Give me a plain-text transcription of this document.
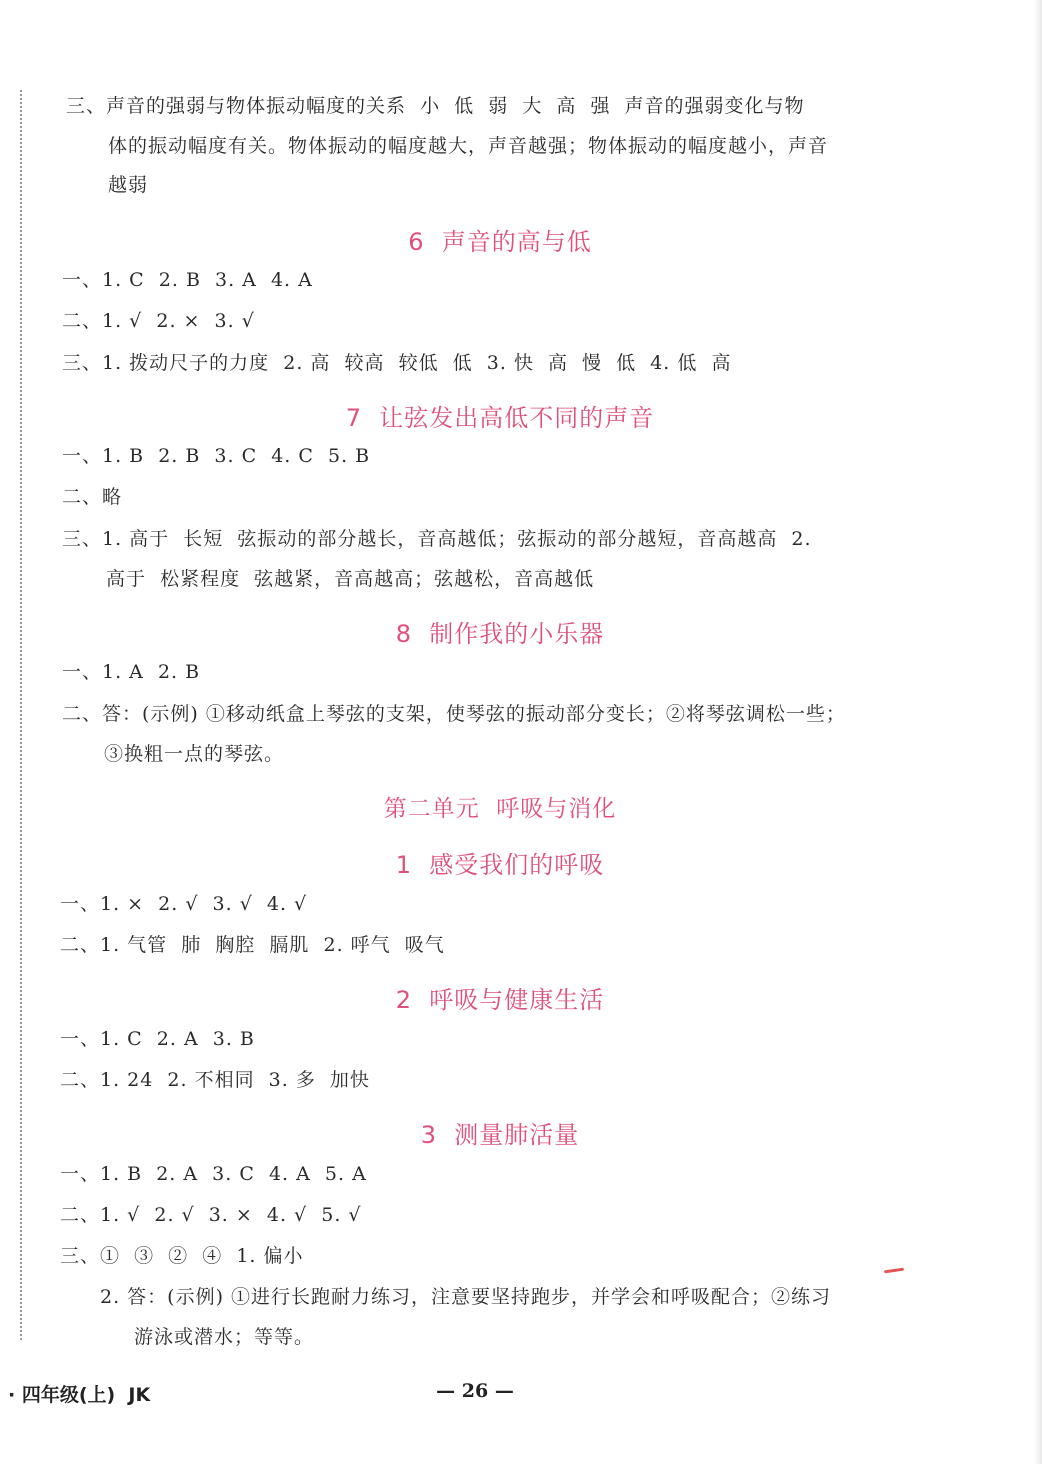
三、声音的强弱与物体振动幅度的关系  小  低  弱  大  高  强  声音的强弱变化与物
体的振动幅度有关。物体振动的幅度越大，声音越强；物体振动的幅度越小，声音
越弱
6  声音的高与低
一、1. C  2. B  3. A  4. A
二、1. √  2. ×  3. √
三、1. 拨动尺子的力度  2. 高  较高  较低  低  3. 快  高  慢  低  4. 低  高
7  让弦发出高低不同的声音
一、1. B  2. B  3. C  4. C  5. B
二、略
三、1. 高于  长短  弦振动的部分越长，音高越低；弦振动的部分越短，音高越高  2.
高于  松紧程度  弦越紧，音高越高；弦越松，音高越低
8  制作我的小乐器
一、1. A  2. B
二、答：(示例) ①移动纸盒上琴弦的支架，使琴弦的振动部分变长；②将琴弦调松一些；
③换粗一点的琴弦。
第二单元  呼吸与消化
1  感受我们的呼吸
一、1. ×  2. √  3. √  4. √
二、1. 气管  肺  胸腔  膈肌  2. 呼气  吸气
2  呼吸与健康生活
一、1. C  2. A  3. B
二、1. 24  2. 不相同  3. 多  加快
3  测量肺活量
一、1. B  2. A  3. C  4. A  5. A
二、1. √  2. √  3. ×  4. √  5. √
三、①  ③  ②  ④  1. 偏小
2. 答：(示例) ①进行长跑耐力练习，注意要坚持跑步，并学会和呼吸配合；②练习
游泳或潜水；等等。
· 四年级(上)  JK	— 26 —
